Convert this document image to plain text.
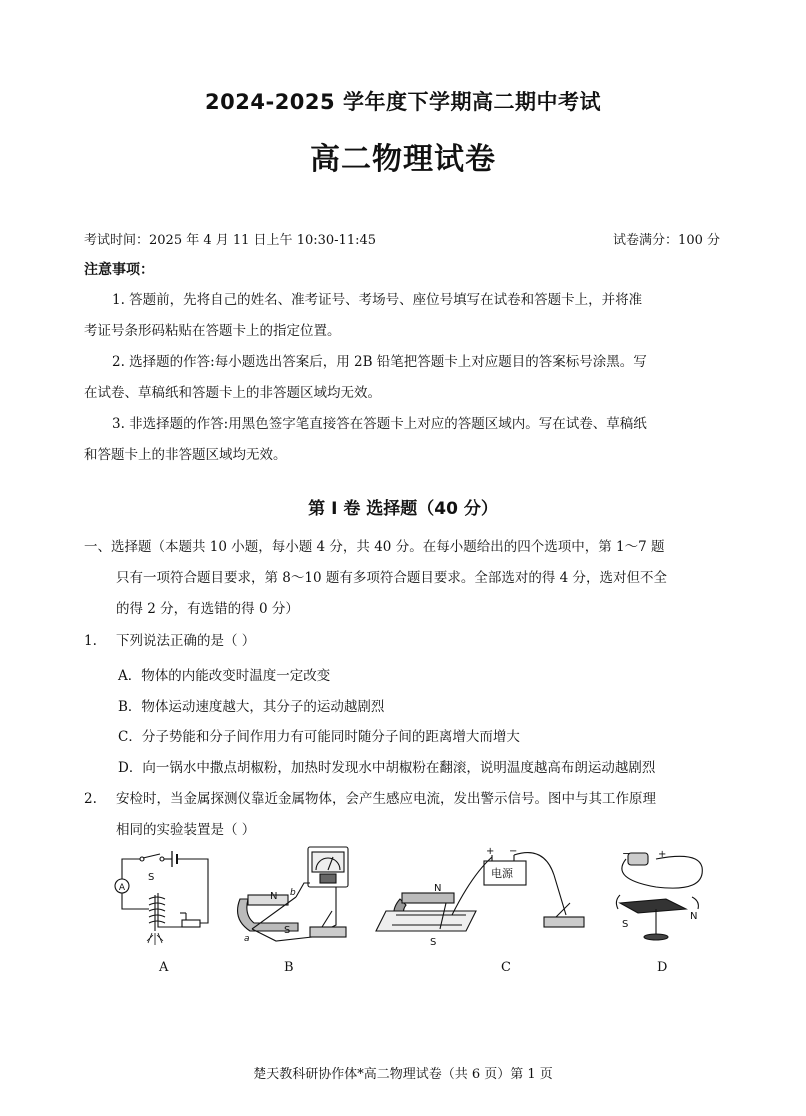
2024-2025 学年度下学期高二期中考试
高二物理试卷
考试时间：2025 年 4 月 11 日上午 10:30-11:45	试卷满分：100 分
注意事项：
1. 答题前，先将自己的姓名、准考证号、考场号、座位号填写在试卷和答题卡上，并将准
考证号条形码粘贴在答题卡上的指定位置。
2. 选择题的作答:每小题选出答案后，用 2B 铅笔把答题卡上对应题目的答案标号涂黑。写
在试卷、草稿纸和答题卡上的非答题区域均无效。
3. 非选择题的作答:用黑色签字笔直接答在答题卡上对应的答题区域内。写在试卷、草稿纸
和答题卡上的非答题区域均无效。
第 I 卷 选择题（40 分）
一、选择题（本题共 10 小题，每小题 4 分，共 40 分。在每小题给出的四个选项中，第 1～7 题
只有一项符合题目要求，第 8～10 题有多项符合题目要求。全部选对的得 4 分，选对但不全
的得 2 分，有选错的得 0 分）
1. 下列说法正确的是（ ）
A．物体的内能改变时温度一定改变
B．物体运动速度越大，其分子的运动越剧烈
C．分子势能和分子间作用力有可能同时随分子间的距离增大而增大
D．向一锅水中撒点胡椒粉，加热时发现水中胡椒粉在翻滚，说明温度越高布朗运动越剧烈
2. 安检时，当金属探测仪靠近金属物体，会产生感应电流，发出警示信号。图中与其工作原理
相同的实验装置是（ ）
A
S
N
S
a
b
电源
+ −
N
S
−	+
S
N
A	B	C	D
楚天教科研协作体*高二物理试卷（共 6 页）第 1 页
